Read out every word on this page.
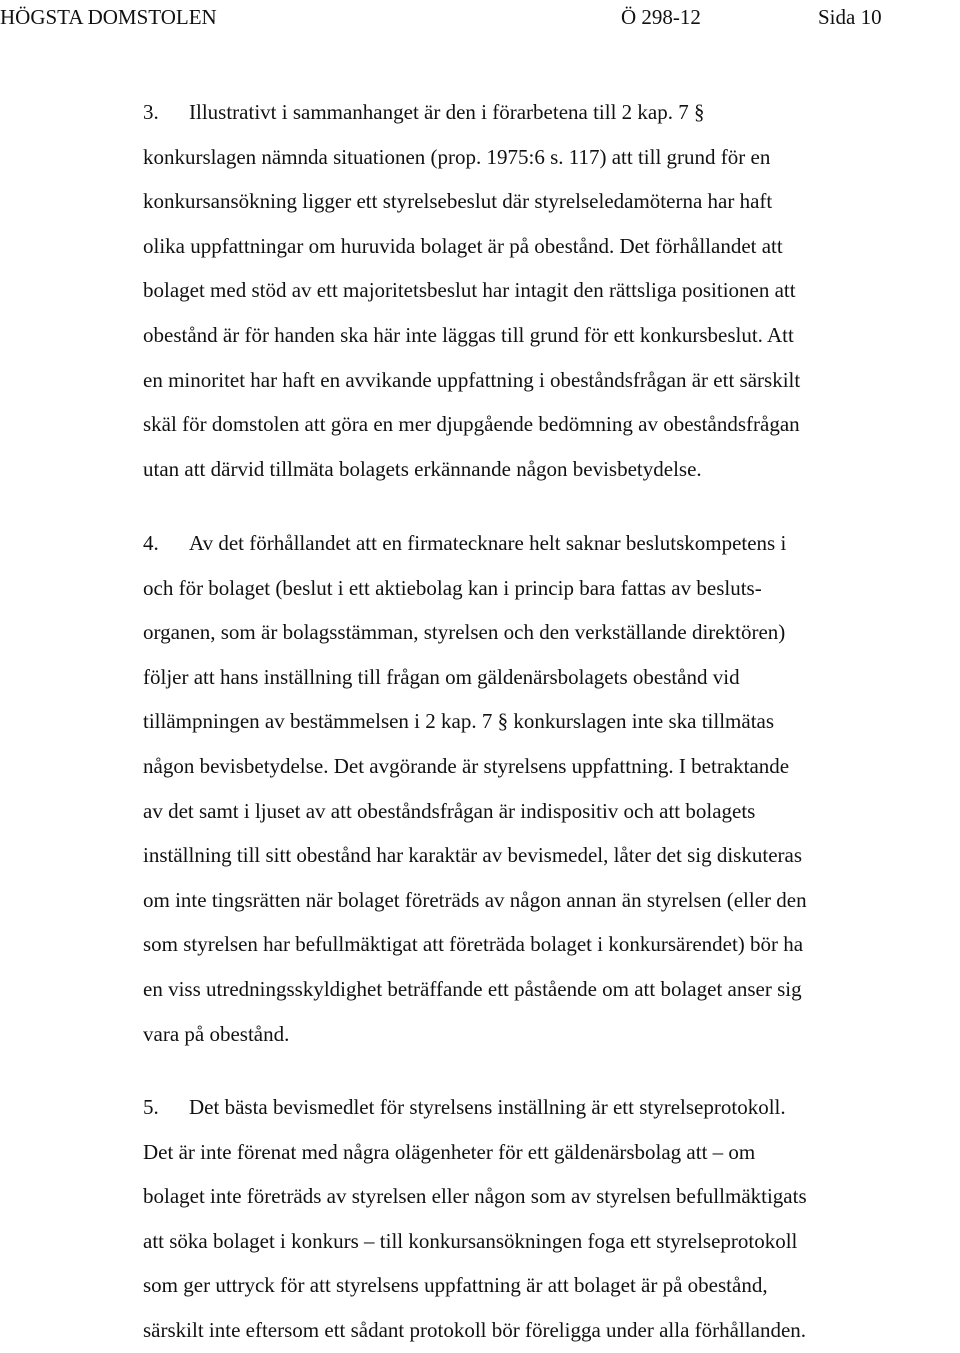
HÖGSTA DOMSTOLEN	Ö 298-12	Sida 10
3. Illustrativt i sammanhanget är den i förarbetena till 2 kap. 7 §
konkurslagen nämnda situationen (prop. 1975:6 s. 117) att till grund för en
konkursansökning ligger ett styrelsebeslut där styrelseledamöterna har haft
olika uppfattningar om huruvida bolaget är på obestånd. Det förhållandet att
bolaget med stöd av ett majoritetsbeslut har intagit den rättsliga positionen att
obestånd är för handen ska här inte läggas till grund för ett konkursbeslut. Att
en minoritet har haft en avvikande uppfattning i obeståndsfrågan är ett särskilt
skäl för domstolen att göra en mer djupgående bedömning av obeståndsfrågan
utan att därvid tillmäta bolagets erkännande någon bevisbetydelse.
4. Av det förhållandet att en firmatecknare helt saknar beslutskompetens i
och för bolaget (beslut i ett aktiebolag kan i princip bara fattas av besluts-
organen, som är bolagsstämman, styrelsen och den verkställande direktören)
följer att hans inställning till frågan om gäldenärsbolagets obestånd vid
tillämpningen av bestämmelsen i 2 kap. 7 § konkurslagen inte ska tillmätas
någon bevisbetydelse. Det avgörande är styrelsens uppfattning. I betraktande
av det samt i ljuset av att obeståndsfrågan är indispositiv och att bolagets
inställning till sitt obestånd har karaktär av bevismedel, låter det sig diskuteras
om inte tingsrätten när bolaget företräds av någon annan än styrelsen (eller den
som styrelsen har befullmäktigat att företräda bolaget i konkursärendet) bör ha
en viss utredningsskyldighet beträffande ett påstående om att bolaget anser sig
vara på obestånd.
5. Det bästa bevismedlet för styrelsens inställning är ett styrelseprotokoll.
Det är inte förenat med några olägenheter för ett gäldenärsbolag att – om
bolaget inte företräds av styrelsen eller någon som av styrelsen befullmäktigats
att söka bolaget i konkurs – till konkursansökningen foga ett styrelseprotokoll
som ger uttryck för att styrelsens uppfattning är att bolaget är på obestånd,
särskilt inte eftersom ett sådant protokoll bör föreligga under alla förhållanden.
